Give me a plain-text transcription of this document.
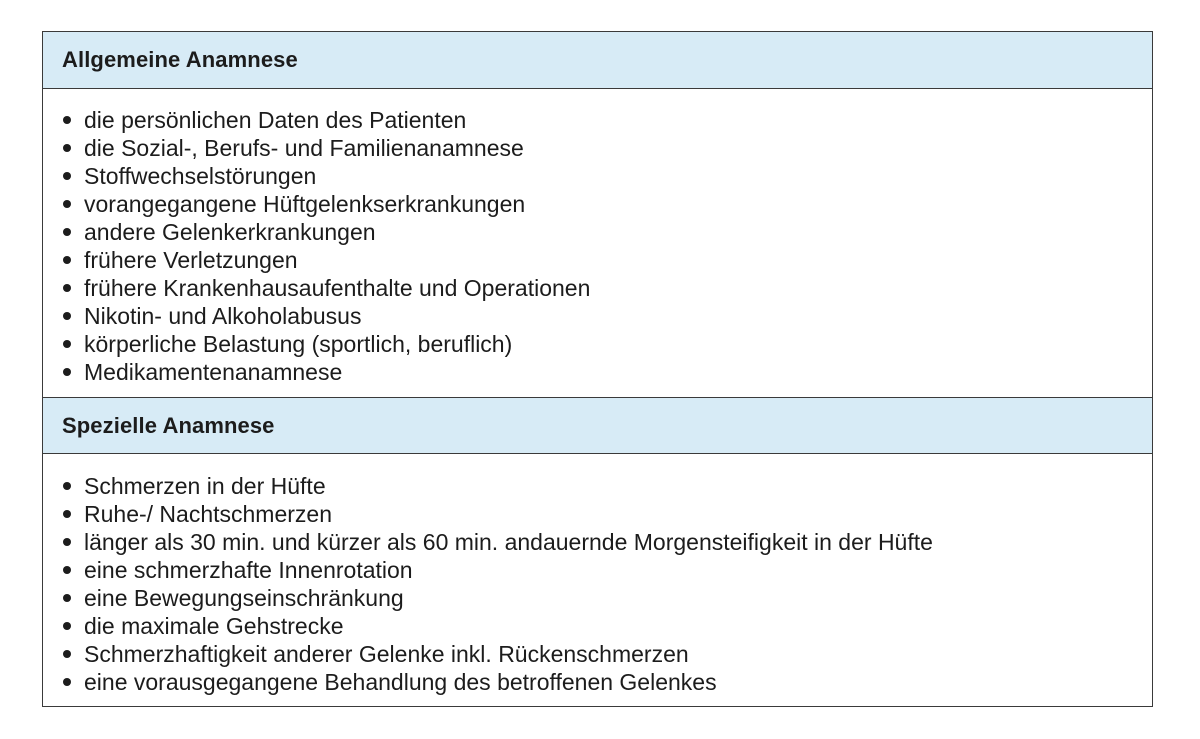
Allgemeine Anamnese
die persönlichen Daten des Patienten
die Sozial-, Berufs- und Familienanamnese
Stoffwechselstörungen
vorangegangene Hüftgelenkserkrankungen
andere Gelenkerkrankungen
frühere Verletzungen
frühere Krankenhausaufenthalte und Operationen
Nikotin- und Alkoholabusus
körperliche Belastung (sportlich, beruflich)
Medikamentenanamnese
Spezielle Anamnese
Schmerzen in der Hüfte
Ruhe-/ Nachtschmerzen
länger als 30 min. und kürzer als 60 min. andauernde Morgensteifigkeit in der Hüfte
eine schmerzhafte Innenrotation
eine Bewegungseinschränkung
die maximale Gehstrecke
Schmerzhaftigkeit anderer Gelenke inkl. Rückenschmerzen
eine vorausgegangene Behandlung des betroffenen Gelenkes
